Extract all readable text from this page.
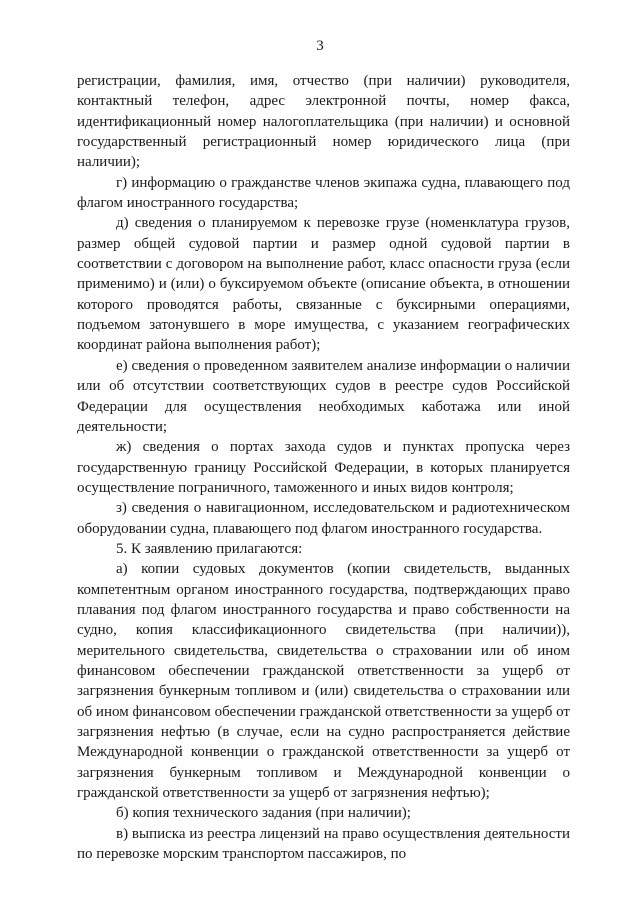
3

регистрации, фамилия, имя, отчество (при наличии) руководителя, контактный телефон, адрес электронной почты, номер факса, идентификационный номер налогоплательщика (при наличии) и основной государственный регистрационный номер юридического лица (при наличии);

г) информацию о гражданстве членов экипажа судна, плавающего под флагом иностранного государства;

д) сведения о планируемом к перевозке грузе (номенклатура грузов, размер общей судовой партии и размер одной судовой партии в соответствии с договором на выполнение работ, класс опасности груза (если применимо) и (или) о буксируемом объекте (описание объекта, в отношении которого проводятся работы, связанные с буксирными операциями, подъемом затонувшего в море имущества, с указанием географических координат района выполнения работ);

е) сведения о проведенном заявителем анализе информации о наличии или об отсутствии соответствующих судов в реестре судов Российской Федерации для осуществления необходимых каботажа или иной деятельности;

ж) сведения о портах захода судов и пунктах пропуска через государственную границу Российской Федерации, в которых планируется осуществление пограничного, таможенного и иных видов контроля;

з) сведения о навигационном, исследовательском и радиотехническом оборудовании судна, плавающего под флагом иностранного государства.

5. К заявлению прилагаются:

а) копии судовых документов (копии свидетельств, выданных компетентным органом иностранного государства, подтверждающих право плавания под флагом иностранного государства и право собственности на судно, копия классификационного свидетельства (при наличии)), мерительного свидетельства, свидетельства о страховании или об ином финансовом обеспечении гражданской ответственности за ущерб от загрязнения бункерным топливом и (или) свидетельства о страховании или об ином финансовом обеспечении гражданской ответственности за ущерб от загрязнения нефтью (в случае, если на судно распространяется действие Международной конвенции о гражданской ответственности за ущерб от загрязнения бункерным топливом и Международной конвенции о гражданской ответственности за ущерб от загрязнения нефтью);

б) копия технического задания (при наличии);

в) выписка из реестра лицензий на право осуществления деятельности по перевозке морским транспортом пассажиров, по
